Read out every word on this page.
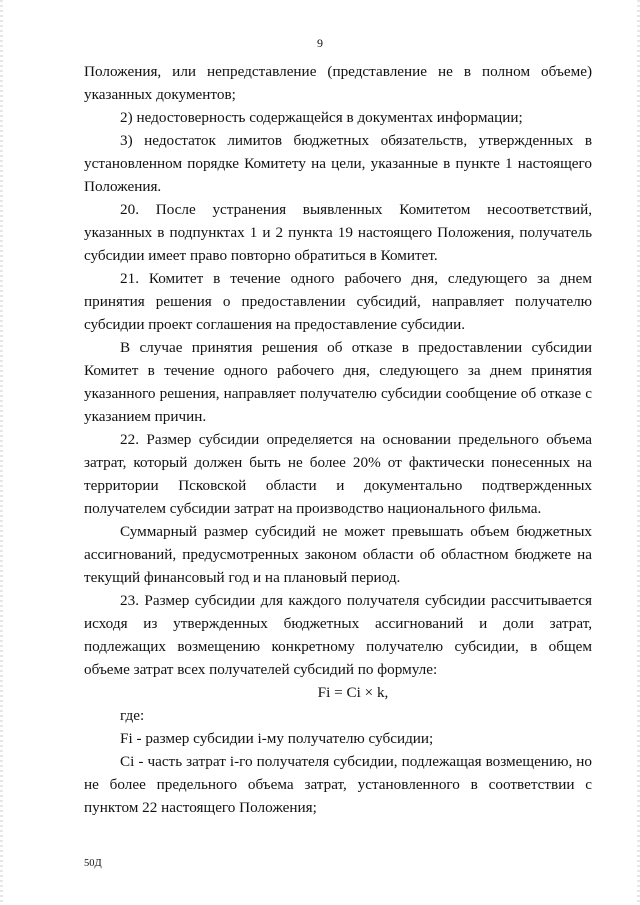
9

Положения, или непредставление (представление не в полном объеме) указанных документов;

2) недостоверность содержащейся в документах информации;

3) недостаток лимитов бюджетных обязательств, утвержденных в установленном порядке Комитету на цели, указанные в пункте 1 настоящего Положения.

20. После устранения выявленных Комитетом несоответствий, указанных в подпунктах 1 и 2 пункта 19 настоящего Положения, получатель субсидии имеет право повторно обратиться в Комитет.

21. Комитет в течение одного рабочего дня, следующего за днем принятия решения о предоставлении субсидий, направляет получателю субсидии проект соглашения на предоставление субсидии.

В случае принятия решения об отказе в предоставлении субсидии Комитет в течение одного рабочего дня, следующего за днем принятия указанного решения, направляет получателю субсидии сообщение об отказе с указанием причин.

22. Размер субсидии определяется на основании предельного объема затрат, который должен быть не более 20% от фактически понесенных на территории Псковской области и документально подтвержденных получателем субсидии затрат на производство национального фильма.

Суммарный размер субсидий не может превышать объем бюджетных ассигнований, предусмотренных законом области об областном бюджете на текущий финансовый год и на плановый период.

23. Размер субсидии для каждого получателя субсидии рассчитывается исходя из утвержденных бюджетных ассигнований и доли затрат, подлежащих возмещению конкретному получателю субсидии, в общем объеме затрат всех получателей субсидий по формуле:

Fi = Ci × k,

где:

Fi - размер субсидии i-му получателю субсидии;

Ci - часть затрат i-го получателя субсидии, подлежащая возмещению, но не более предельного объема затрат, установленного в соответствии с пунктом 22 настоящего Положения;

50Д
